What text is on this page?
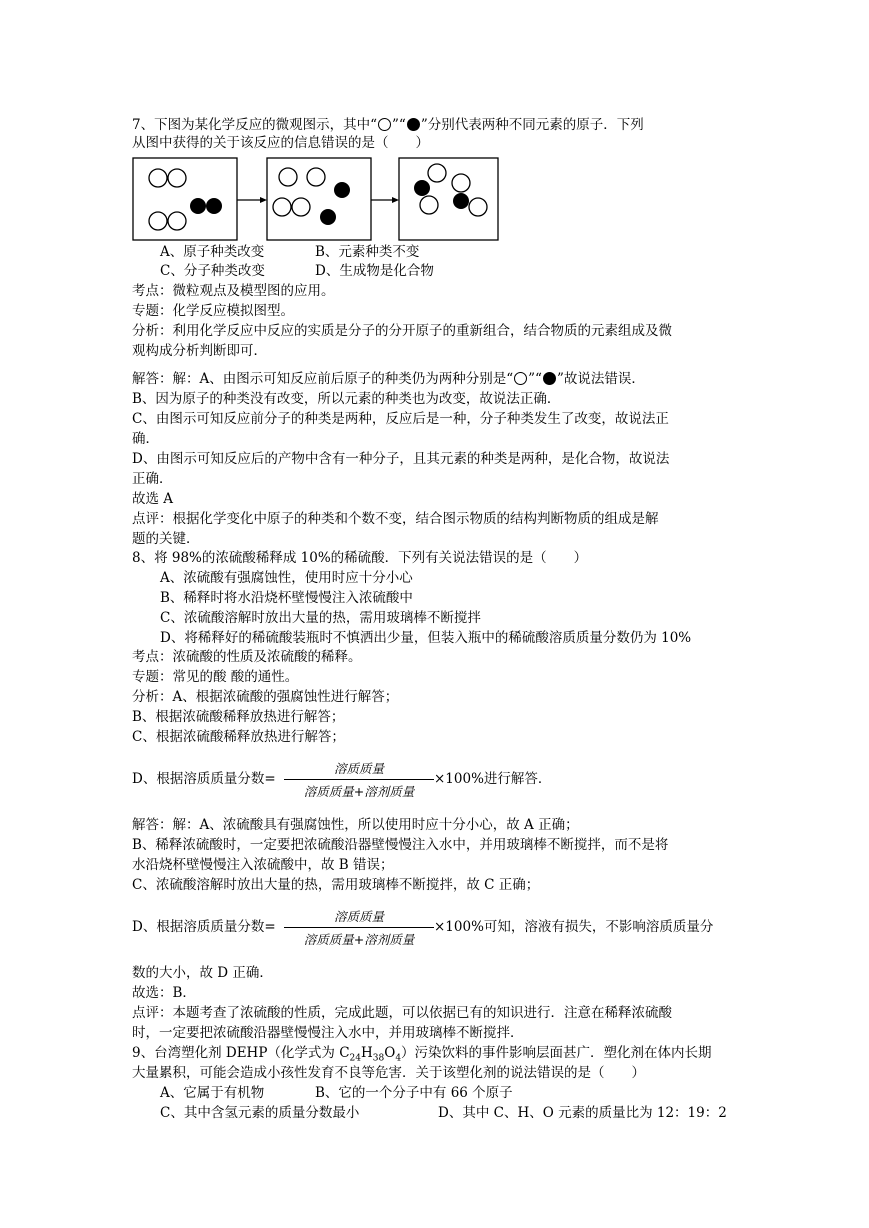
7、下图为某化学反应的微观图示，其中“ ”“ ”分别代表两种不同元素的原子．下列
从图中获得的关于该反应的信息错误的是（　　）
A、原子种类改变	B、元素种类不变
C、分子种类改变	D、生成物是化合物
考点：微粒观点及模型图的应用。
专题：化学反应模拟图型。
分析：利用化学反应中反应的实质是分子的分开原子的重新组合，结合物质的元素组成及微
观构成分析判断即可．
解答：解：A、由图示可知反应前后原子的种类仍为两种分别是“ ”“ ”故说法错误．
B、因为原子的种类没有改变，所以元素的种类也为改变，故说法正确．
C、由图示可知反应前分子的种类是两种，反应后是一种，分子种类发生了改变，故说法正
确．
D、由图示可知反应后的产物中含有一种分子，且其元素的种类是两种，是化合物，故说法
正确．
故选 A
点评：根据化学变化中原子的种类和个数不变，结合图示物质的结构判断物质的组成是解
题的关键．
8、将 98%的浓硫酸稀释成 10%的稀硫酸．下列有关说法错误的是（　　）
A、浓硫酸有强腐蚀性，使用时应十分小心
B、稀释时将水沿烧杯壁慢慢注入浓硫酸中
C、浓硫酸溶解时放出大量的热，需用玻璃棒不断搅拌
D、将稀释好的稀硫酸装瓶时不慎洒出少量，但装入瓶中的稀硫酸溶质质量分数仍为 10%
考点：浓硫酸的性质及浓硫酸的稀释。
专题：常见的酸 酸的通性。
分析：A、根据浓硫酸的强腐蚀性进行解答；
B、根据浓硫酸稀释放热进行解答；
C、根据浓硫酸稀释放热进行解答；
D、根据溶质质量分数=
溶质质量
溶质质量+溶剂质量
×100%进行解答．
解答：解：A、浓硫酸具有强腐蚀性，所以使用时应十分小心，故 A 正确；
B、稀释浓硫酸时，一定要把浓硫酸沿器壁慢慢注入水中，并用玻璃棒不断搅拌，而不是将
水沿烧杯壁慢慢注入浓硫酸中，故 B 错误；
C、浓硫酸溶解时放出大量的热，需用玻璃棒不断搅拌，故 C 正确；
D、根据溶质质量分数=
溶质质量
溶质质量+溶剂质量
×100%可知，溶液有损失，不影响溶质质量分
数的大小，故 D 正确．
故选：B．
点评：本题考查了浓硫酸的性质，完成此题，可以依据已有的知识进行．注意在稀释浓硫酸
时，一定要把浓硫酸沿器壁慢慢注入水中，并用玻璃棒不断搅拌．
9、台湾塑化剂 DEHP（化学式为 $C_{24}H_{38}O_4$）污染饮料的事件影响层面甚广．塑化剂在体内长期
大量累积，可能会造成小孩性发育不良等危害．关于该塑化剂的说法错误的是（　　）
A、它属于有机物	B、它的一个分子中有 66 个原子
C、其中含氢元素的质量分数最小	D、其中 C、H、O 元素的质量比为 12：19：2
